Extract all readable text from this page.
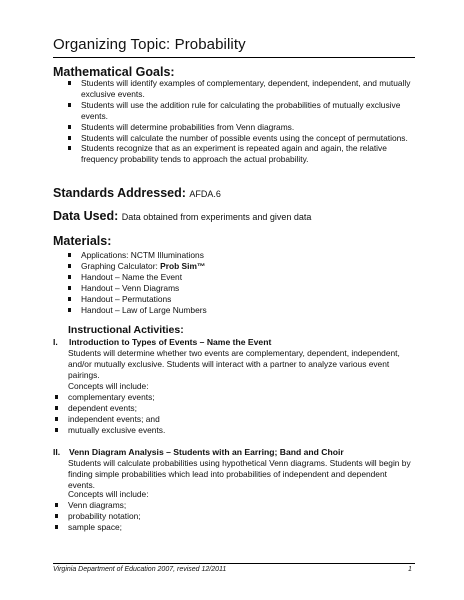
Organizing Topic: Probability
Mathematical Goals:
Students will identify examples of complementary, dependent, independent, and mutually exclusive events.
Students will use the addition rule for calculating the probabilities of mutually exclusive events.
Students will determine probabilities from Venn diagrams.
Students will calculate the number of possible events using the concept of permutations.
Students recognize that as an experiment is repeated again and again, the relative frequency probability tends to approach the actual probability.
Standards Addressed: AFDA.6
Data Used: Data obtained from experiments and given data
Materials:
Applications: NCTM Illuminations
Graphing Calculator: Prob Sim™
Handout – Name the Event
Handout – Venn Diagrams
Handout – Permutations
Handout – Law of Large Numbers
Instructional Activities:
I. Introduction to Types of Events – Name the Event
Students will determine whether two events are complementary, dependent, independent, and/or mutually exclusive. Students will interact with a partner to analyze various event pairings.
Concepts will include:
complementary events;
dependent events;
independent events; and
mutually exclusive events.
II. Venn Diagram Analysis – Students with an Earring; Band and Choir
Students will calculate probabilities using hypothetical Venn diagrams. Students will begin by finding simple probabilities which lead into probabilities of independent and dependent events.
Concepts will include:
Venn diagrams;
probability notation;
sample space;
Virginia Department of Education 2007, revised 12/2011	1
